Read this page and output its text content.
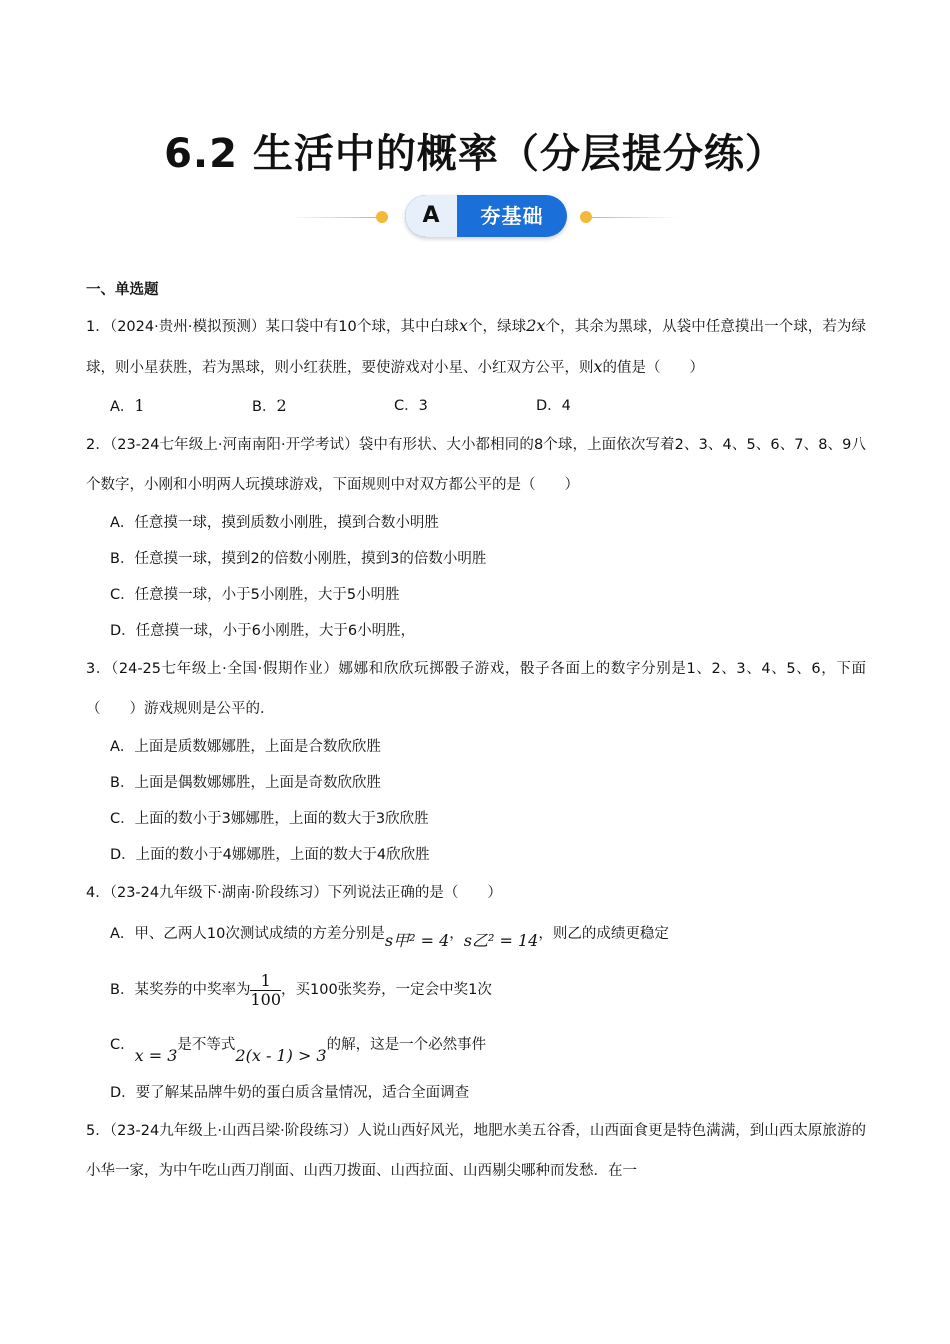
6.2 生活中的概率（分层提分练）
A	夯基础
一、单选题
1．（2024·贵州·模拟预测）某口袋中有10个球，其中白球x个，绿球2x个，其余为黑球，从袋中任意摸出一个球，若为绿球，则小星获胜，若为黑球，则小红获胜，要使游戏对小星、小红双方公平，则x的值是（　　）
A．1	B．2	C．3	D．4
2．（23-24七年级上·河南南阳·开学考试）袋中有形状、大小都相同的8个球，上面依次写着2、3、4、5、6、7、8、9八个数字，小刚和小明两人玩摸球游戏，下面规则中对双方都公平的是（　　）
A．任意摸一球，摸到质数小刚胜，摸到合数小明胜
B．任意摸一球，摸到2的倍数小刚胜，摸到3的倍数小明胜
C．任意摸一球，小于5小刚胜，大于5小明胜
D．任意摸一球，小于6小刚胜，大于6小明胜，
3．（24-25七年级上·全国·假期作业）娜娜和欣欣玩掷骰子游戏，骰子各面上的数字分别是1、2、3、4、5、6，下面（　　）游戏规则是公平的．
A．上面是质数娜娜胜，上面是合数欣欣胜
B．上面是偶数娜娜胜，上面是奇数欣欣胜
C．上面的数小于3娜娜胜，上面的数大于3欣欣胜
D．上面的数小于4娜娜胜，上面的数大于4欣欣胜
4．（23-24九年级下·湖南·阶段练习）下列说法正确的是（　　）
A．甲、乙两人10次测试成绩的方差分别是s甲² = 4，s乙² = 14，则乙的成绩更稳定
B．某奖券的中奖率为 $\frac{1}{100}$ ，买100张奖券，一定会中奖1次
C．x = 3是不等式2(x - 1) > 3的解，这是一个必然事件
D．要了解某品牌牛奶的蛋白质含量情况，适合全面调查
5．（23-24九年级上·山西吕梁·阶段练习）人说山西好风光，地肥水美五谷香，山西面食更是特色满满，到山西太原旅游的小华一家，为中午吃山西刀削面、山西刀拨面、山西拉面、山西剔尖哪种而发愁．在一
